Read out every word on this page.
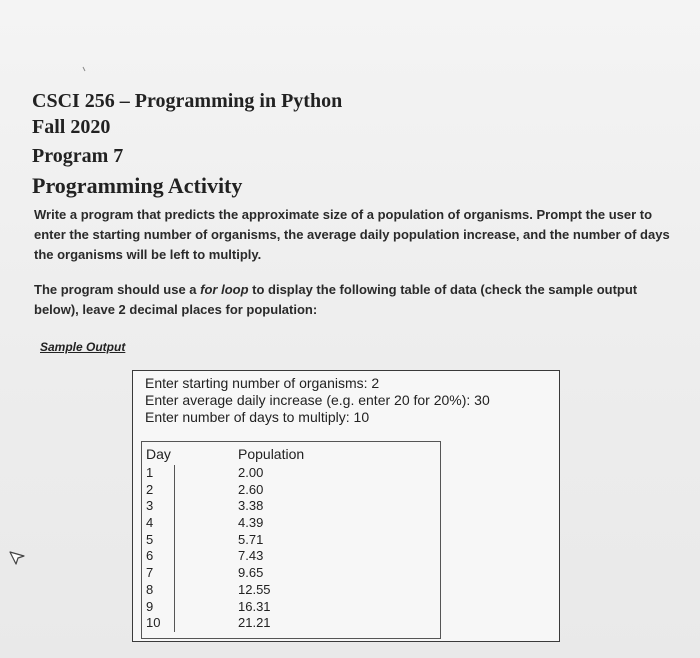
CSCI 256 – Programming in Python
Fall 2020
Program 7
Programming Activity
Write a program that predicts the approximate size of a population of organisms. Prompt the user to enter the starting number of organisms, the average daily population increase, and the number of days the organisms will be left to multiply.
The program should use a for loop to display the following table of data (check the sample output below), leave 2 decimal places for population:
Sample Output
Enter starting number of organisms: 2
Enter average daily increase (e.g. enter 20 for 20%): 30
Enter number of days to multiply: 10
Day	Population
1
2
3
4
5
6
7
8
9
10
2.00
2.60
3.38
4.39
5.71
7.43
9.65
12.55
16.31
21.21
